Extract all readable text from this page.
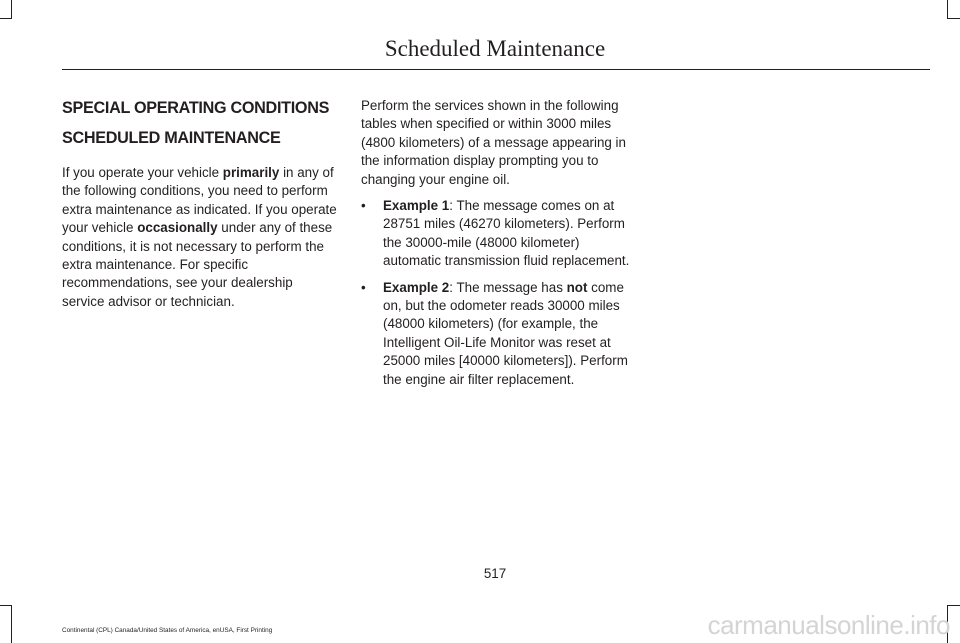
Scheduled Maintenance

SPECIAL OPERATING CONDITIONS

SCHEDULED MAINTENANCE

If you operate your vehicle primarily in any of the following conditions, you need to perform extra maintenance as indicated. If you operate your vehicle occasionally under any of these conditions, it is not necessary to perform the extra maintenance. For specific recommendations, see your dealership service advisor or technician.

Perform the services shown in the following tables when specified or within 3000 miles (4800 kilometers) of a message appearing in the information display prompting you to changing your engine oil.

• Example 1: The message comes on at 28751 miles (46270 kilometers). Perform the 30000-mile (48000 kilometer) automatic transmission fluid replacement.
• Example 2: The message has not come on, but the odometer reads 30000 miles (48000 kilometers) (for example, the Intelligent Oil-Life Monitor was reset at 25000 miles [40000 kilometers]). Perform the engine air filter replacement.
517
Continental (CPL) Canada/United States of America, enUSA, First Printing	carmanualsonline.info
